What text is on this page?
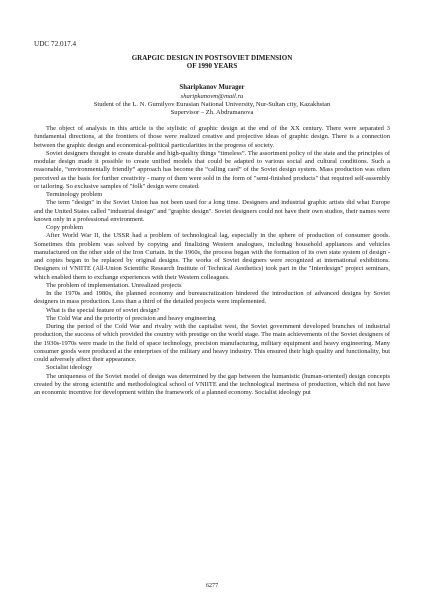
UDC 72.017.4
GRAPGIC DESIGN IN POSTSOVIET DIMENSION
OF 1990 YEARS
Sharipkanov Murager
sharipkanovm@mail.ru
Student of the L. N. Gumilyov Eurasian National University, Nur-Sultan city, Kazakhstan
Supervisor – Zh. Abdramanova

The object of analysis in this article is the stylistic of graphic design at the end of the XX century. There were separated 3 fundamental directions, at the frontiers of those were realized creative and projective ideas of graphic design. There is a connection between the graphic design and economical-political particularities in the progress of society.

Soviet designers thought to create durable and high-quality things “timeless”. The assortment policy of the state and the principles of modular design made it possible to create unified models that could be adapted to various social and cultural conditions. Such a reasonable, “environmentally friendly” approach has become the “calling card” of the Soviet design system. Mass production was often perceived as the basis for further creativity - many of them were sold in the form of "semi-finished products" that required self-assembly or tailoring. So exclusive samples of "folk" design were created.

Terminology problem

The term "design" in the Soviet Union has not been used for a long time. Designers and industrial graphic artists did what Europe and the United States called "industrial design" and "graphic design". Soviet designers could not have their own studios, their names were known only in a professional environment.

Copy problem

After World War II, the USSR had a problem of technological lag, especially in the sphere of production of consumer goods. Sometimes this problem was solved by copying and finalizing Western analogues, including household appliances and vehicles manufactured on the other side of the Iron Curtain. In the 1960s, the process began with the formation of its own state system of design - and copies began to be replaced by original designs. The works of Soviet designers were recognized at international exhibitions. Designers of VNIITE (All-Union Scientific Research Institute of Technical Aesthetics) took part in the "Interdesign" project seminars, which enabled them to exchange experiences with their Western colleagues.

The problem of implementation. Unrealized projects

In the 1970s and 1980s, the planned economy and bureaucratization hindered the introduction of advanced designs by Soviet designers in mass production. Less than a third of the detailed projects were implemented.

What is the special feature of soviet design?

The Cold War and the priority of precision and heavy engineering

During the period of the Cold War and rivalry with the capitalist west, the Soviet government developed branches of industrial production, the success of which provided the country with prestige on the world stage. The main achievements of the Soviet designers of the 1930s-1970s were made in the field of space technology, precision manufacturing, military equipment and heavy engineering. Many consumer goods were produced at the enterprises of the military and heavy industry. This ensured their high quality and functionality, but could adversely affect their appearance.

Socialist ideology

The uniqueness of the Soviet model of design was determined by the gap between the humanistic (human-oriented) design concepts created by the strong scientific and methodological school of VNIITE and the technological inertness of production, which did not have an economic incentive for development within the framework of a planned economy. Socialist ideology put

6277
